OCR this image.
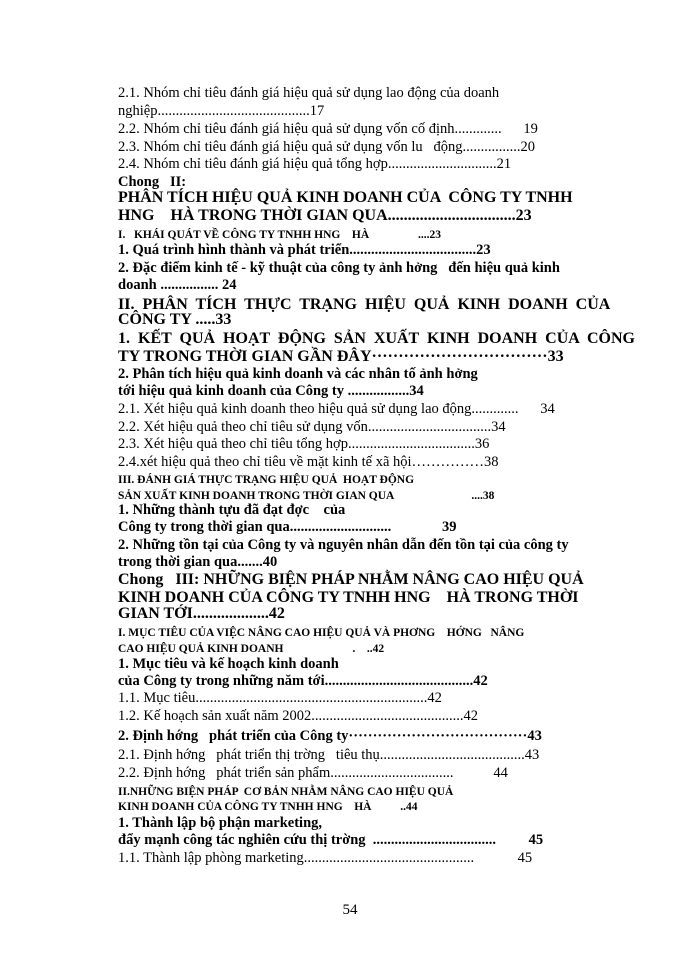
2.1. Nhóm chỉ tiêu đánh giá hiệu quả sử dụng lao động của doanh
nghiệp..........................................17
2.2. Nhóm chỉ tiêu đánh giá hiệu quả sử dụng vốn cố định.............      19
2.3. Nhóm chỉ tiêu đánh giá hiệu quả sử dụng vốn lu   động................20
2.4. Nhóm chỉ tiêu đánh giá hiệu quả tổng hợp..............................21
Chong   II:
PHÂN TÍCH HIỆU QUẢ KINH DOANH CỦA  CÔNG TY TNHH
HNG    HÀ TRONG THỜI GIAN QUA................................23
I.   KHÁI QUÁT VỀ CÔNG TY TNHH HNG    HÀ                 ....23
1. Quá trình hình thành và phát triển...................................23
2. Đặc điểm kinh tế - kỹ thuật của công ty ảnh hởng   đến hiệu quả kinh
doanh ................ 24
II.  PHÂN  TÍCH  THỰC  TRẠNG  HIỆU  QUẢ  KINH  DOANH  CỦA
CÔNG TY .....33
1.  KẾT  QUẢ  HOẠT  ĐỘNG  SẢN  XUẤT  KINH  DOANH  CỦA  CÔNG
TY TRONG THỜI GIAN GẦN ĐÂY·································33
2. Phân tích hiệu quả kinh doanh và các nhân tố ảnh hởng
tới hiệu quả kinh doanh của Công ty .................34
2.1. Xét hiệu quả kinh doanh theo hiệu quả sử dụng lao động.............      34
2.2. Xét hiệu quả theo chỉ tiêu sử dụng vốn..................................34
2.3. Xét hiệu quả theo chỉ tiêu tổng hợp...................................36
2.4.xét hiệu quả theo chỉ tiêu về mặt kinh tế xã hội……………38
III. ĐÁNH GIÁ THỰC TRẠNG HIỆU QUẢ  HOẠT ĐỘNG
SẢN XUẤT KINH DOANH TRONG THỜI GIAN QUA                           ....38
1. Những thành tựu đã đạt đợc    của
Công ty trong thời gian qua............................              39
2. Những tồn tại của Công ty và nguyên nhân dẫn đến tồn tại của công ty
trong thời gian qua.......40
Chong   III: NHỮNG BIỆN PHÁP NHẰM NÂNG CAO HIỆU QUẢ
KINH DOANH CỦA CÔNG TY TNHH HNG    HÀ TRONG THỜI
GIAN TỚI...................42
I. MỤC TIÊU CỦA VIỆC NÂNG CAO HIỆU QUẢ VÀ PHƠNG    HỚNG   NÂNG
CAO HIỆU QUẢ KINH DOANH                        .    ..42
1. Mục tiêu và kế hoạch kinh doanh
của Công ty trong những năm tới.........................................42
1.1. Mục tiêu................................................................42
1.2. Kế hoạch sản xuất năm 2002..........................................42
2. Định hớng   phát triển của Công ty·····································43
2.1. Định hớng   phát triển thị trờng   tiêu thụ........................................43
2.2. Định hớng   phát triển sản phẩm..................................           44
II.NHỮNG BIỆN PHÁP  CƠ BẢN NHẰM NÂNG CAO HIỆU QUẢ
KINH DOANH CỦA CÔNG TY TNHH HNG    HÀ          ..44
1. Thành lập bộ phận marketing,
đẩy mạnh công tác nghiên cứu thị trờng  ..................................         45
1.1. Thành lập phòng marketing...............................................            45
54
